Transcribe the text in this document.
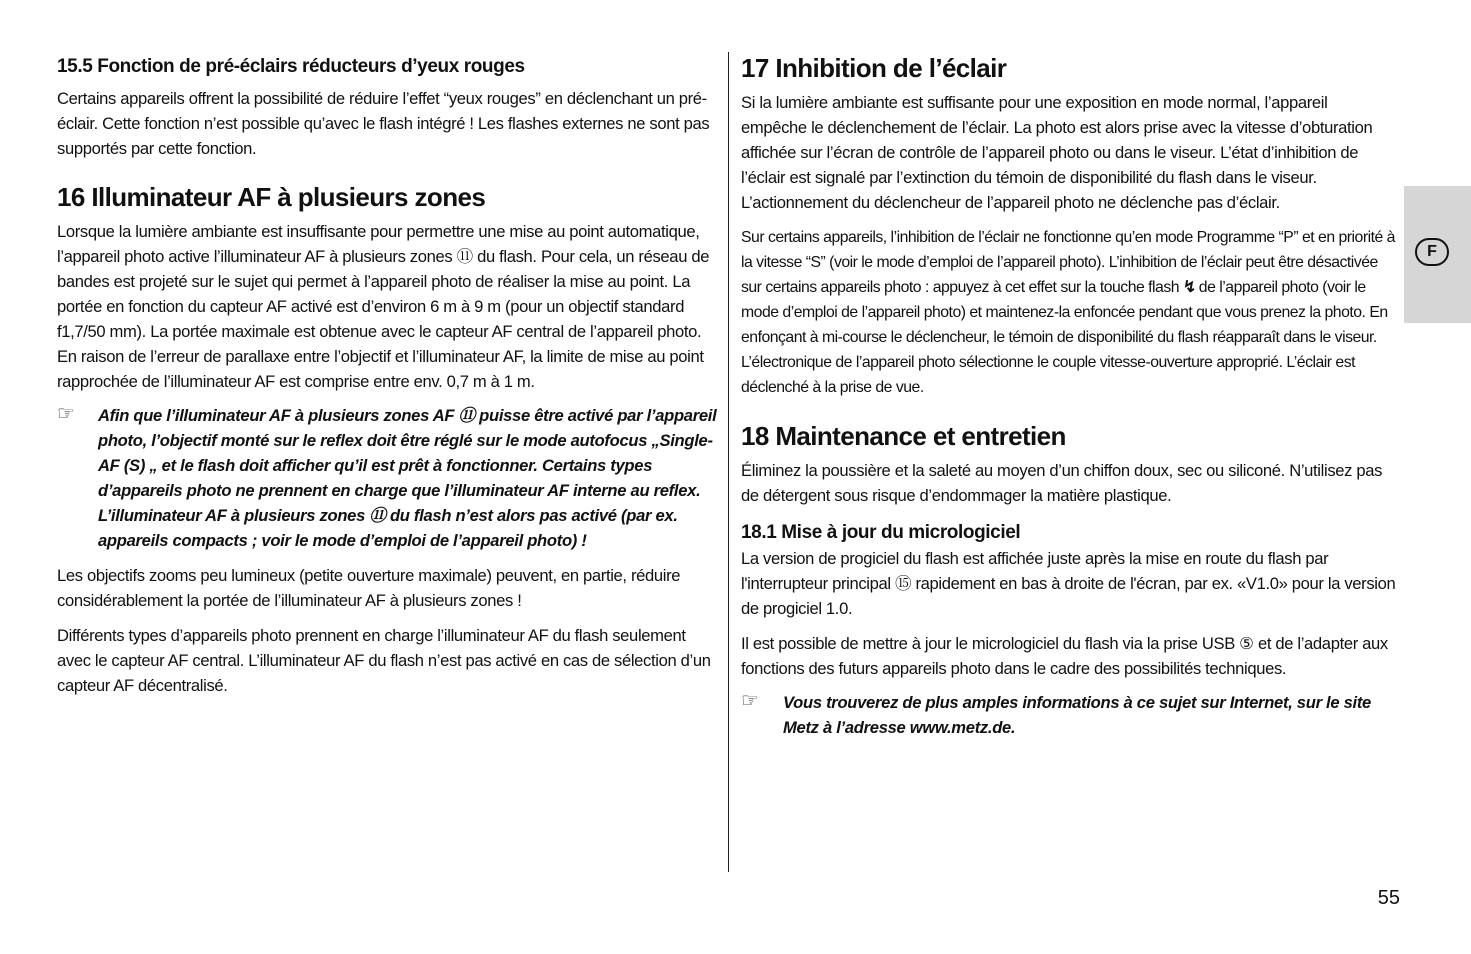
15.5 Fonction de pré-éclairs réducteurs d’yeux rouges

Certains appareils offrent la possibilité de réduire l’effet “yeux rouges” en déclenchant un pré-éclair. Cette fonction n’est possible qu’avec le flash intégré ! Les flashes externes ne sont pas supportés par cette fonction.

16 Illuminateur AF à plusieurs zones

Lorsque la lumière ambiante est insuffisante pour permettre une mise au point automatique, l’appareil photo active l’illuminateur AF à plusieurs zones ⑪ du flash. Pour cela, un réseau de bandes est projeté sur le sujet qui permet à l’appareil photo de réaliser la mise au point. La portée en fonction du capteur AF activé est d’environ 6 m à 9 m (pour un objectif standard f1,7/50 mm). La portée maximale est obtenue avec le capteur AF central de l’appareil photo. En raison de l’erreur de parallaxe entre l’objectif et l’illuminateur AF, la limite de mise au point rapprochée de l’illuminateur AF est comprise entre env. 0,7 m à 1 m.

☞	Afin que l’illuminateur AF à plusieurs zones AF ⑪ puisse être activé par l’appareil photo, l’objectif monté sur le reflex doit être réglé sur le mode autofocus „Single-AF (S) „ et le flash doit afficher qu’il est prêt à fonctionner. Certains types d’appareils photo ne prennent en charge que l’illuminateur AF interne au reflex. L’illuminateur AF à plusieurs zones ⑪ du flash n’est alors pas activé (par ex. appareils compacts ; voir le mode d’emploi de l’appareil photo) !

Les objectifs zooms peu lumineux (petite ouverture maximale) peuvent, en partie, réduire considérablement la portée de l’illuminateur AF à plusieurs zones !

Différents types d’appareils photo prennent en charge l’illuminateur AF du flash seulement avec le capteur AF central. L’illuminateur AF du flash n’est pas activé en cas de sélection d’un capteur AF décentralisé.

17 Inhibition de l’éclair

Si la lumière ambiante est suffisante pour une exposition en mode normal, l’appareil empêche le déclenchement de l’éclair. La photo est alors prise avec la vitesse d’obturation affichée sur l’écran de contrôle de l’appareil photo ou dans le viseur. L’état d’inhibition de l’éclair est signalé par l’extinction du témoin de disponibilité du flash dans le viseur. L’actionnement du déclencheur de l’appareil photo ne déclenche pas d’éclair.

Sur certains appareils, l’inhibition de l’éclair ne fonctionne qu’en mode Programme “P” et en priorité à la vitesse “S” (voir le mode d’emploi de l’appareil photo). L’inhibition de l’éclair peut être désactivée sur certains appareils photo : appuyez à cet effet sur la touche flash ↯ de l’appareil photo (voir le mode d’emploi de l’appareil photo) et maintenez-la enfoncée pendant que vous prenez la photo. En enfonçant à mi-course le déclencheur, le témoin de disponibilité du flash réapparaît dans le viseur. L’électronique de l’appareil photo sélectionne le couple vitesse-ouverture approprié. L’éclair est déclenché à la prise de vue.

18 Maintenance et entretien

Éliminez la poussière et la saleté au moyen d’un chiffon doux, sec ou siliconé. N’utilisez pas de détergent sous risque d’endommager la matière plastique.

18.1 Mise à jour du micrologiciel

La version de progiciel du flash est affichée juste après la mise en route du flash par l'interrupteur principal ⑮ rapidement en bas à droite de l'écran, par ex. «V1.0» pour la version de progiciel 1.0.

Il est possible de mettre à jour le micrologiciel du flash via la prise USB ⑤ et de l’adapter aux fonctions des futurs appareils photo dans le cadre des possibilités techniques.

☞	Vous trouverez de plus amples informations à ce sujet sur Internet, sur le site Metz à l’adresse www.metz.de.
F
55
